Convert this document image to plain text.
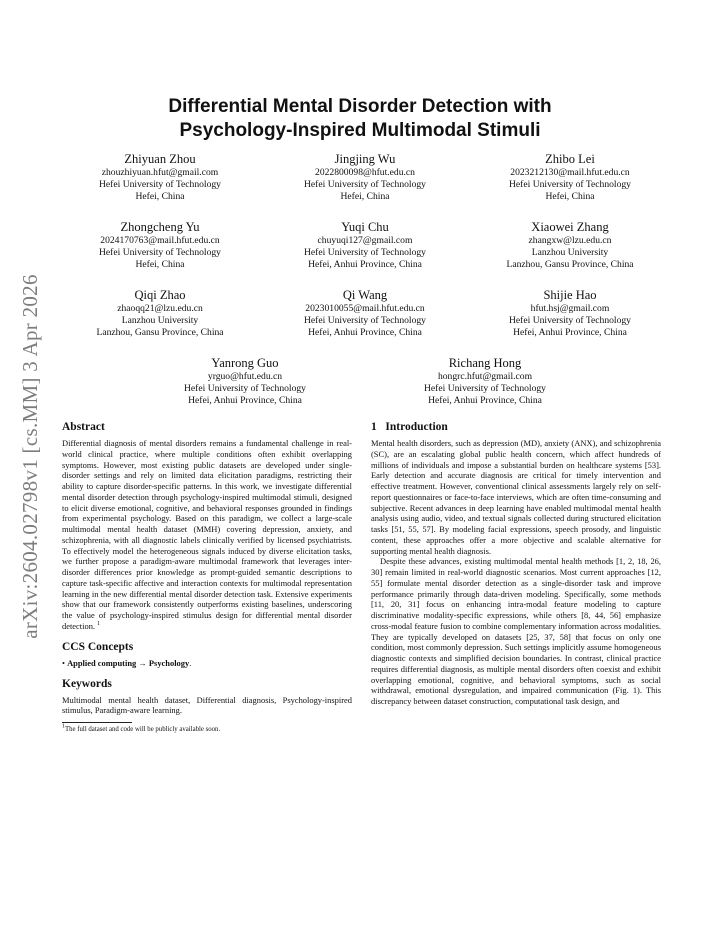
arXiv:2604.02798v1 [cs.MM] 3 Apr 2026
Differential Mental Disorder Detection with
Psychology-Inspired Multimodal Stimuli
Zhiyuan Zhou
zhouzhiyuan.hfut@gmail.com
Hefei University of Technology
Hefei, China
Jingjing Wu
2022800098@hfut.edu.cn
Hefei University of Technology
Hefei, China
Zhibo Lei
2023212130@mail.hfut.edu.cn
Hefei University of Technology
Hefei, China
Zhongcheng Yu
2024170763@mail.hfut.edu.cn
Hefei University of Technology
Hefei, China
Yuqi Chu
chuyuqi127@gmail.com
Hefei University of Technology
Hefei, Anhui Province, China
Xiaowei Zhang
zhangxw@lzu.edu.cn
Lanzhou University
Lanzhou, Gansu Province, China
Qiqi Zhao
zhaoqq21@lzu.edu.cn
Lanzhou University
Lanzhou, Gansu Province, China
Qi Wang
2023010055@mail.hfut.edu.cn
Hefei University of Technology
Hefei, Anhui Province, China
Shijie Hao
hfut.hsj@gmail.com
Hefei University of Technology
Hefei, Anhui Province, China
Yanrong Guo
yrguo@hfut.edu.cn
Hefei University of Technology
Hefei, Anhui Province, China
Richang Hong
hongrc.hfut@gmail.com
Hefei University of Technology
Hefei, Anhui Province, China
Abstract

Differential diagnosis of mental disorders remains a fundamental challenge in real-world clinical practice, where multiple conditions often exhibit overlapping symptoms. However, most existing public datasets are developed under single-disorder settings and rely on limited data elicitation paradigms, restricting their ability to capture disorder-specific patterns. In this work, we investigate differential mental disorder detection through psychology-inspired multimodal stimuli, designed to elicit diverse emotional, cognitive, and behavioral responses grounded in findings from experimental psychology. Based on this paradigm, we collect a large-scale multimodal mental health dataset (MMH) covering depression, anxiety, and schizophrenia, with all diagnostic labels clinically verified by licensed psychiatrists. To effectively model the heterogeneous signals induced by diverse elicitation tasks, we further propose a paradigm-aware multimodal framework that leverages inter-disorder differences prior knowledge as prompt-guided semantic descriptions to capture task-specific affective and interaction contexts for multimodal representation learning in the new differential mental disorder detection task. Extensive experiments show that our framework consistently outperforms existing baselines, underscoring the value of psychology-inspired stimulus design for differential mental disorder detection. $^1$

CCS Concepts

• Applied computing → Psychology.

Keywords

Multimodal mental health dataset, Differential diagnosis, Psychology-inspired stimulus, Paradigm-aware learning.

$^1$The full dataset and code will be publicly available soon.

1   Introduction

Mental health disorders, such as depression (MD), anxiety (ANX), and schizophrenia (SC), are an escalating global public health concern, which affect hundreds of millions of individuals and impose a substantial burden on healthcare systems [53]. Early detection and accurate diagnosis are critical for timely intervention and effective treatment. However, conventional clinical assessments largely rely on self-report questionnaires or face-to-face interviews, which are often time-consuming and subjective. Recent advances in deep learning have enabled multimodal mental health analysis using audio, video, and textual signals collected during structured elicitation tasks [51, 55, 57]. By modeling facial expressions, speech prosody, and linguistic content, these approaches offer a more objective and scalable alternative for supporting mental health diagnosis.

Despite these advances, existing multimodal mental health methods [1, 2, 18, 26, 30] remain limited in real-world diagnostic scenarios. Most current approaches [12, 55] formulate mental disorder detection as a single-disorder task and improve performance primarily through data-driven modeling. Specifically, some methods [11, 20, 31] focus on enhancing intra-modal feature modeling to capture discriminative modality-specific expressions, while others [8, 44, 56] emphasize cross-modal feature fusion to combine complementary information across modalities. They are typically developed on datasets [25, 37, 58] that focus on only one condition, most commonly depression. Such settings implicitly assume homogeneous diagnostic contexts and simplified decision boundaries. In contrast, clinical practice requires differential diagnosis, as multiple mental disorders often coexist and exhibit overlapping emotional, cognitive, and behavioral symptoms, such as social withdrawal, emotional dysregulation, and impaired communication (Fig. 1). This discrepancy between dataset construction, computational task design, and
